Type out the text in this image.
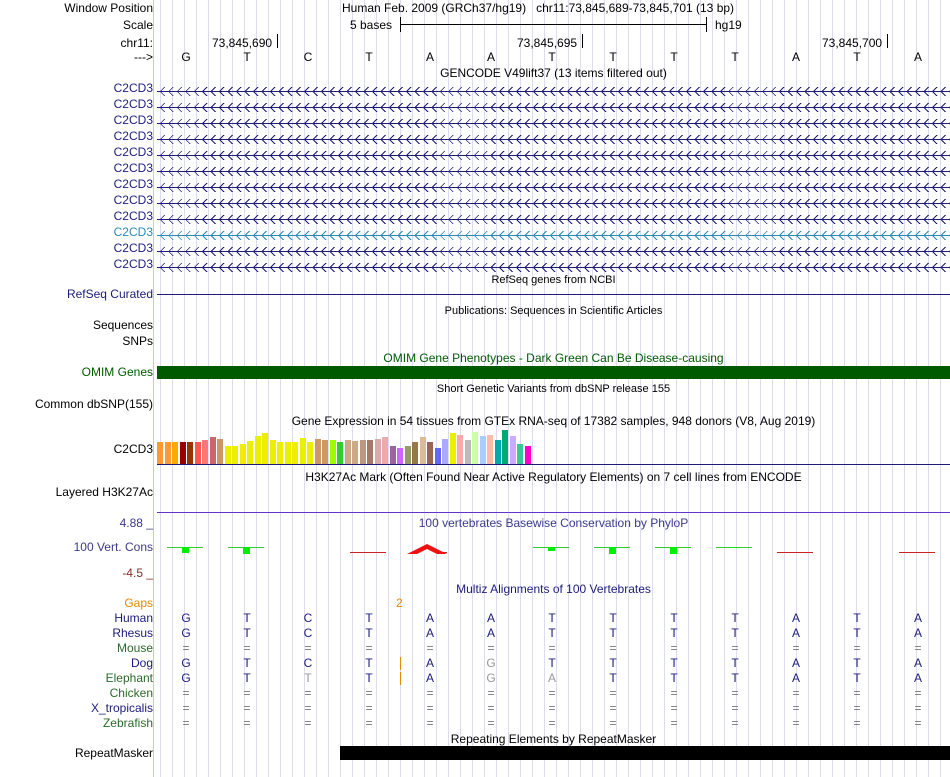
Window Position	Human Feb. 2009 (GRCh37/hg19)   chr11:73,845,689-73,845,701 (13 bp)
Scale	5 bases	hg19
chr11:	73,845,690	73,845,695	73,845,700
---> G	T	C	T	A	A	T	T	T	T	A	T	A
GENCODE V49lift37 (13 items filtered out)
C2CD3
C2CD3
C2CD3
C2CD3
C2CD3
C2CD3
C2CD3
C2CD3
C2CD3
C2CD3
C2CD3
C2CD3
RefSeq genes from NCBI
RefSeq Curated
Publications: Sequences in Scientific Articles
Sequences
SNPs
OMIM Gene Phenotypes - Dark Green Can Be Disease-causing
OMIM Genes
Short Genetic Variants from dbSNP release 155
Common dbSNP(155)
Gene Expression in 54 tissues from GTEx RNA-seq of 17382 samples, 948 donors (V8, Aug 2019)
C2CD3
H3K27Ac Mark (Often Found Near Active Regulatory Elements) on 7 cell lines from ENCODE
Layered H3K27Ac
100 vertebrates Basewise Conservation by PhyloP
4.88 _
100 Vert. Cons
-4.5 _
Multiz Alignments of 100 Vertebrates
Gaps	2
Human G	T	C	T	A	A	T	T	T	T	A	T	A
Rhesus G	T	C	T	A	A	T	T	T	T	A	T	A
Mouse =	=	=	=	=	=	=	=	=	=	=	=	=
Dog G	T	C	T	A	G	T	T	T	T	A	T	A
Elephant G	T	T	T	A	G	A	T	T	T	A	T	A
Chicken =	=	=	=	=	=	=	=	=	=	=	=	=
X_tropicalis =	=	=	=	=	=	=	=	=	=	=	=	=
Zebrafish =	=	=	=	=	=	=	=	=	=	=	=	=
Repeating Elements by RepeatMasker
RepeatMasker
